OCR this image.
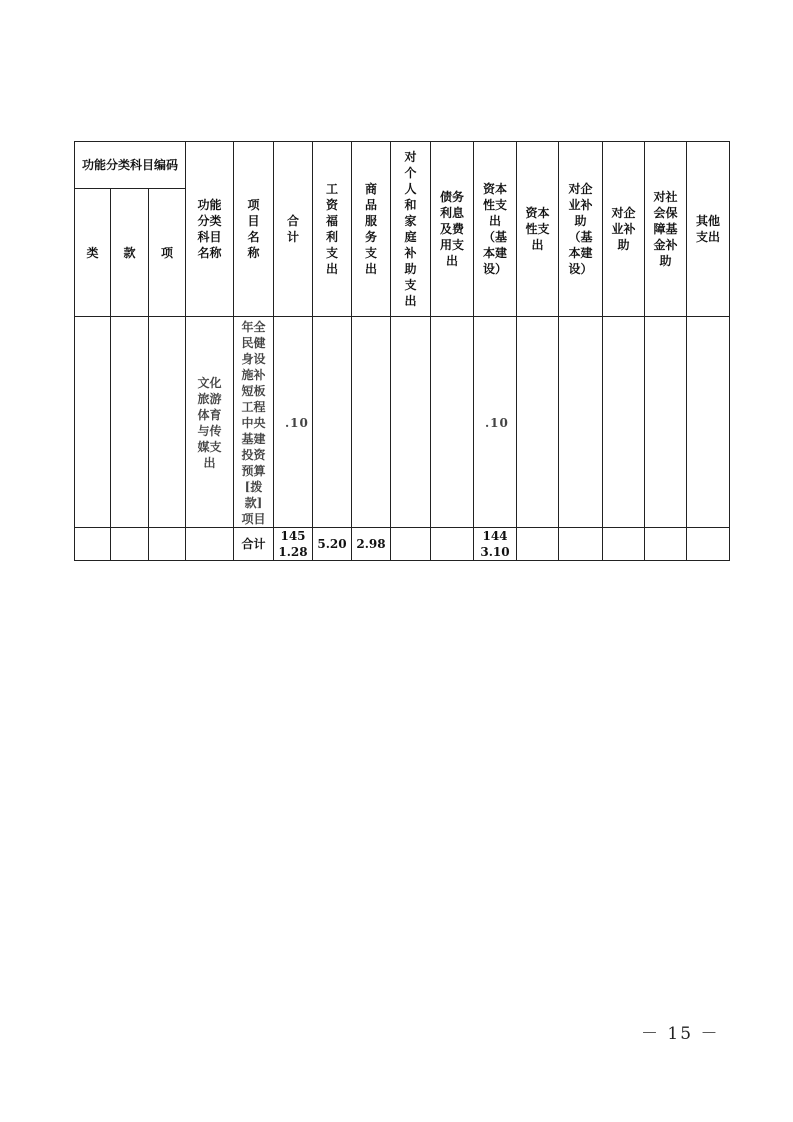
功能分类科目编码			功能分类科目名称	项目名称	合计	工资福利支出	商品服务支出	对个人和家庭补助支出	债务利息及费用支出	资本性支出（基本建设）	资本性支出	对企业补助（基本建设）	对企业补助	对社会保障基金补助	其他支出

类	款	项													

			文化旅游体育与传媒支出	年全民健身设施补短板工程中央基建投资预算[拨款]项目	.10					.10					
				合计	1451.28	5.20	2.98			1443.10					

－ 15 －
